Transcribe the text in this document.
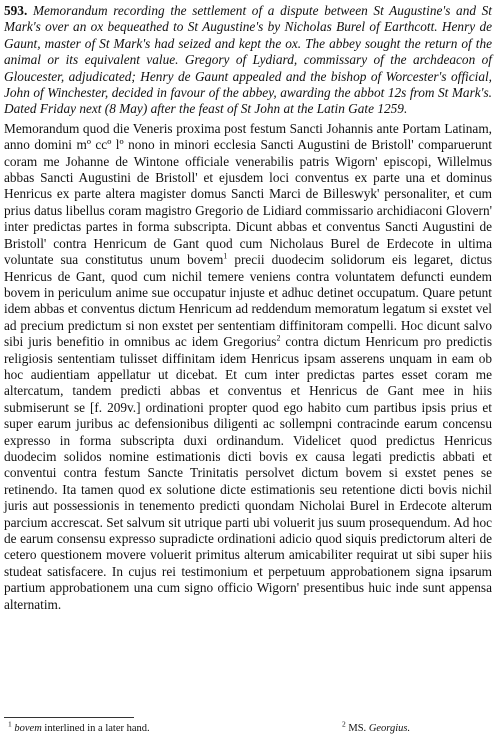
593. Memorandum recording the settlement of a dispute between St Augustine's and St Mark's over an ox bequeathed to St Augustine's by Nicholas Burel of Earthcott. Henry de Gaunt, master of St Mark's had seized and kept the ox. The abbey sought the return of the animal or its equivalent value. Gregory of Lydiard, commissary of the archdeacon of Gloucester, adjudicated; Henry de Gaunt appealed and the bishop of Worcester's official, John of Winchester, decided in favour of the abbey, awarding the abbot 12s from St Mark's. Dated Friday next (8 May) after the feast of St John at the Latin Gate 1259.

Memorandum quod die Veneris proxima post festum Sancti Johannis ante Portam Latinam, anno domini mº ccº lº nono in minori ecclesia Sancti Augustini de Bristoll' comparuerunt coram me Johanne de Wintone officiale venerabilis patris Wigorn' episcopi, Willelmus abbas Sancti Augustini de Bristoll' et ejusdem loci conventus ex parte una et dominus Henricus ex parte altera magister domus Sancti Marci de Billeswyk' personaliter, et cum prius datus libellus coram magistro Gregorio de Lidiard commissario archidiaconi Glovern' inter predictas partes in forma subscripta. Dicunt abbas et conventus Sancti Augustini de Bristoll' contra Henricum de Gant quod cum Nicholaus Burel de Erdecote in ultima voluntate sua constitutus unum bovem$^1$ precii duodecim solidorum eis legaret, dictus Henricus de Gant, quod cum nichil temere veniens contra voluntatem defuncti eundem bovem in periculum anime sue occupatur injuste et adhuc detinet occupatum. Quare petunt idem abbas et conventus dictum Henricum ad reddendum memoratum legatum si exstet vel ad precium predictum si non exstet per sententiam diffinitoram compelli. Hoc dicunt salvo sibi juris benefitio in omnibus ac idem Gregorius$^2$ contra dictum Henricum pro predictis religiosis sententiam tulisset diffinitam idem Henricus ipsam asserens unquam in eam ob hoc audientiam appellatur ut dicebat. Et cum inter predictas partes esset coram me altercatum, tandem predicti abbas et conventus et Henricus de Gant mee in hiis submiserunt se [f. 209v.] ordinationi propter quod ego habito cum partibus ipsis prius et super earum juribus ac defensionibus diligenti ac sollempni contracinde earum concensu expresso in forma subscripta duxi ordinandum. Videlicet quod predictus Henricus duodecim solidos nomine estimationis dicti bovis ex causa legati predictis abbati et conventui contra festum Sancte Trinitatis persolvet dictum bovem si exstet penes se retinendo. Ita tamen quod ex solutione dicte estimationis seu retentione dicti bovis nichil juris aut possessionis in tenemento predicti quondam Nicholai Burel in Erdecote alterum parcium accrescat. Set salvum sit utrique parti ubi voluerit jus suum prosequendum. Ad hoc de earum consensu expresso supradicte ordinationi adicio quod siquis predictorum alteri de cetero questionem movere voluerit primitus alterum amicabiliter requirat ut sibi super hiis studeat satisfacere. In cujus rei testimonium et perpetuum approbationem signa ipsarum partium approbationem una cum signo officio Wigorn' presentibus huic inde sunt appensa alternatim.

$^1$ bovem interlined in a later hand.	$^2$ MS. Georgius.
